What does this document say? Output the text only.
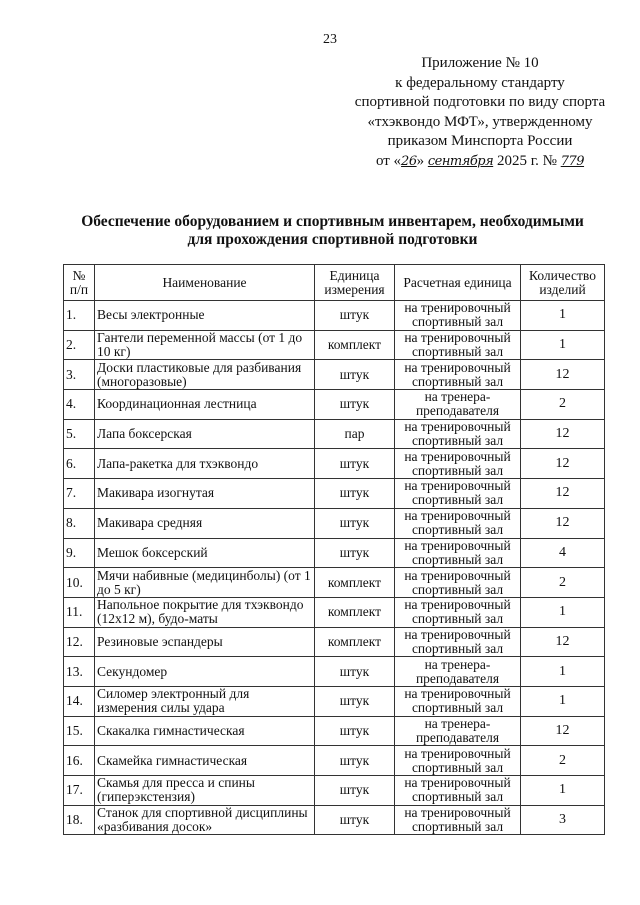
23
Приложение № 10
к федеральному стандарту
спортивной подготовки по виду спорта
«тхэквондо МФТ», утвержденному
приказом Минспорта России
от «26» сентября 2025 г. № 779
Обеспечение оборудованием и спортивным инвентарем, необходимыми
для прохождения спортивной подготовки
№ п/п	Наименование	Единица измерения	Расчетная единица	Количество изделий
1.	Весы электронные	штук	на тренировочный спортивный зал	1
2.	Гантели переменной массы (от 1 до 10 кг)	комплект	на тренировочный спортивный зал	1
3.	Доски пластиковые для разбивания (многоразовые)	штук	на тренировочный спортивный зал	12
4.	Координационная лестница	штук	на тренера-преподавателя	2
5.	Лапа боксерская	пар	на тренировочный спортивный зал	12
6.	Лапа-ракетка для тхэквондо	штук	на тренировочный спортивный зал	12
7.	Макивара изогнутая	штук	на тренировочный спортивный зал	12
8.	Макивара средняя	штук	на тренировочный спортивный зал	12
9.	Мешок боксерский	штук	на тренировочный спортивный зал	4
10.	Мячи набивные (медицинболы) (от 1 до 5 кг)	комплект	на тренировочный спортивный зал	2
11.	Напольное покрытие для тхэквондо (12x12 м), будо-маты	комплект	на тренировочный спортивный зал	1
12.	Резиновые эспандеры	комплект	на тренировочный спортивный зал	12
13.	Секундомер	штук	на тренера-преподавателя	1
14.	Силомер электронный для измерения силы удара	штук	на тренировочный спортивный зал	1
15.	Скакалка гимнастическая	штук	на тренера-преподавателя	12
16.	Скамейка гимнастическая	штук	на тренировочный спортивный зал	2
17.	Скамья для пресса и спины (гиперэкстензия)	штук	на тренировочный спортивный зал	1
18.	Станок для спортивной дисциплины «разбивания досок»	штук	на тренировочный спортивный зал	3
